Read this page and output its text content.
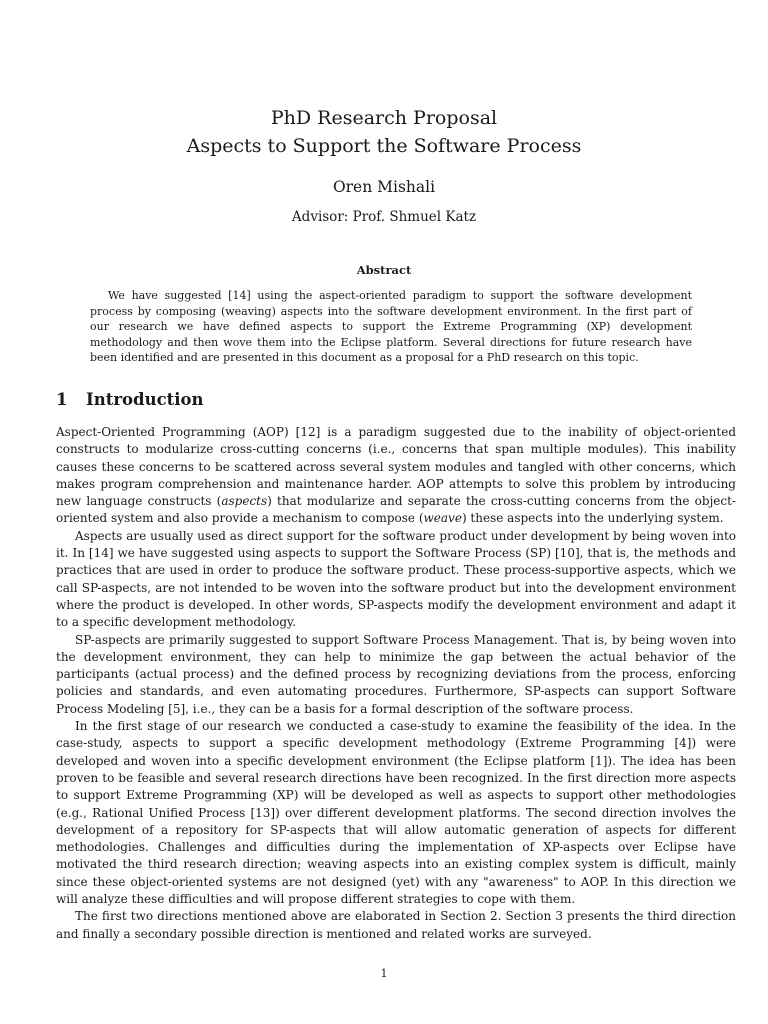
PhD Research Proposal
Aspects to Support the Software Process
Oren Mishali
Advisor: Prof. Shmuel Katz
Abstract

We have suggested [14] using the aspect-oriented paradigm to support the software development process by composing (weaving) aspects into the software development environment. In the first part of our research we have defined aspects to support the Extreme Programming (XP) development methodology and then wove them into the Eclipse platform. Several directions for future research have been identified and are presented in this document as a proposal for a PhD research on this topic.

1 Introduction

Aspect-Oriented Programming (AOP) [12] is a paradigm suggested due to the inability of object-oriented constructs to modularize cross-cutting concerns (i.e., concerns that span multiple modules). This inability causes these concerns to be scattered across several system modules and tangled with other concerns, which makes program comprehension and maintenance harder. AOP attempts to solve this problem by introducing new language constructs (aspects) that modularize and separate the cross-cutting concerns from the object-oriented system and also provide a mechanism to compose (weave) these aspects into the underlying system.

Aspects are usually used as direct support for the software product under development by being woven into it. In [14] we have suggested using aspects to support the Software Process (SP) [10], that is, the methods and practices that are used in order to produce the software product. These process-supportive aspects, which we call SP-aspects, are not intended to be woven into the software product but into the development environment where the product is developed. In other words, SP-aspects modify the development environment and adapt it to a specific development methodology.

SP-aspects are primarily suggested to support Software Process Management. That is, by being woven into the development environment, they can help to minimize the gap between the actual behavior of the participants (actual process) and the defined process by recognizing deviations from the process, enforcing policies and standards, and even automating procedures. Furthermore, SP-aspects can support Software Process Modeling [5], i.e., they can be a basis for a formal description of the software process.

In the first stage of our research we conducted a case-study to examine the feasibility of the idea. In the case-study, aspects to support a specific development methodology (Extreme Programming [4]) were developed and woven into a specific development environment (the Eclipse platform [1]). The idea has been proven to be feasible and several research directions have been recognized. In the first direction more aspects to support Extreme Programming (XP) will be developed as well as aspects to support other methodologies (e.g., Rational Unified Process [13]) over different development platforms. The second direction involves the development of a repository for SP-aspects that will allow automatic generation of aspects for different methodologies. Challenges and difficulties during the implementation of XP-aspects over Eclipse have motivated the third research direction; weaving aspects into an existing complex system is difficult, mainly since these object-oriented systems are not designed (yet) with any "awareness" to AOP. In this direction we will analyze these difficulties and will propose different strategies to cope with them.

The first two directions mentioned above are elaborated in Section 2. Section 3 presents the third direction and finally a secondary possible direction is mentioned and related works are surveyed.

1
